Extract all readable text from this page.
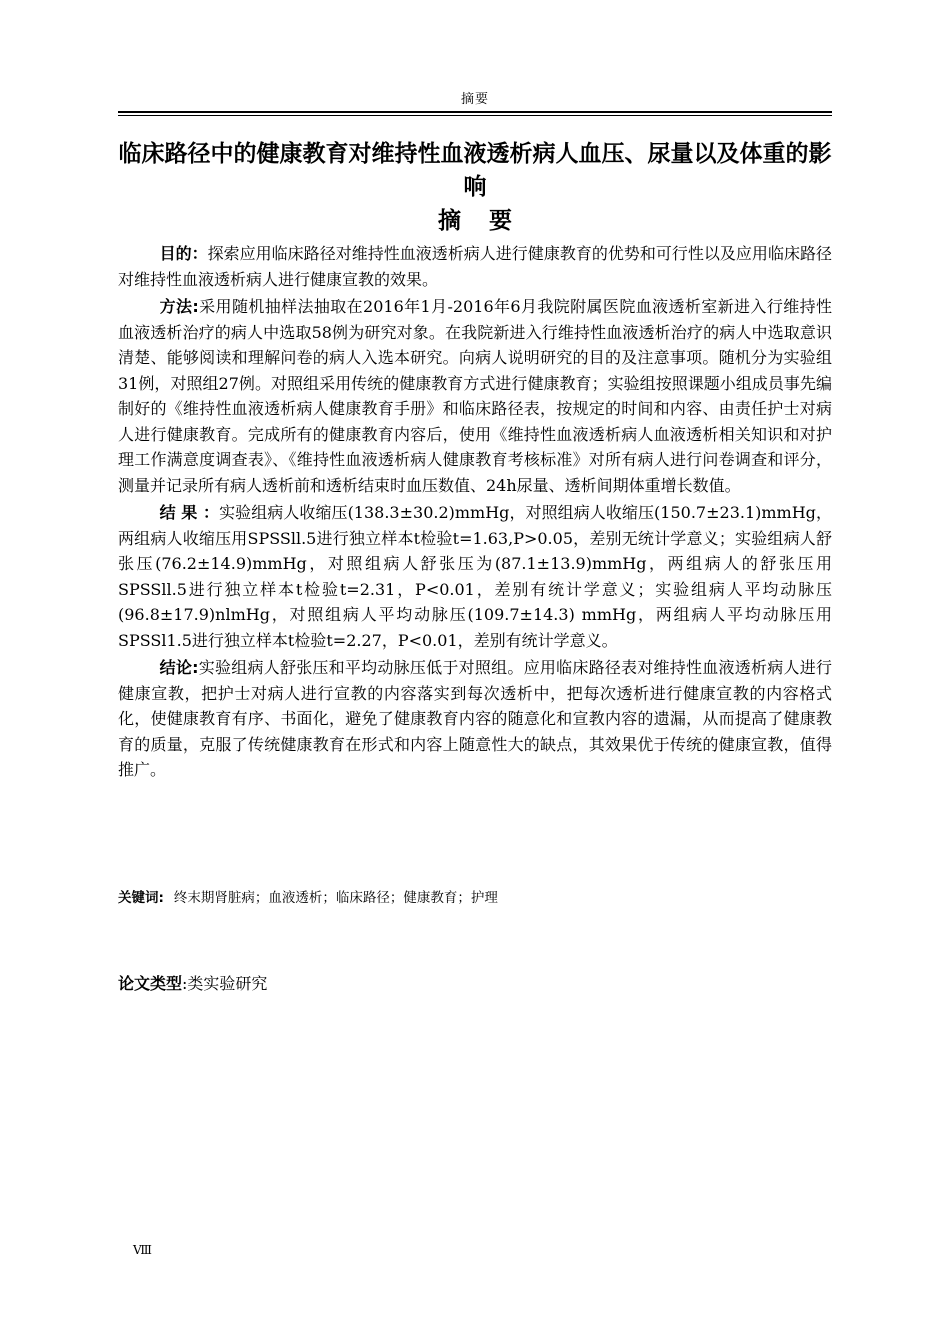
摘要
临床路径中的健康教育对维持性血液透析病人血压、尿量以及体重的影响
摘 要

目的：探索应用临床路径对维持性血液透析病人进行健康教育的优势和可行性以及应用临床路径对维持性血液透析病人进行健康宣教的效果。

方法:采用随机抽样法抽取在2016年1月-2016年6月我院附属医院血液透析室新进入行维持性血液透析治疗的病人中选取58例为研究对象。在我院新进入行维持性血液透析治疗的病人中选取意识清楚、能够阅读和理解问卷的病人入选本研究。向病人说明研究的目的及注意事项。随机分为实验组31例，对照组27例。对照组采用传统的健康教育方式进行健康教育；实验组按照课题小组成员事先编制好的《维持性血液透析病人健康教育手册》和临床路径表，按规定的时间和内容、由责任护士对病人进行健康教育。完成所有的健康教育内容后，使用《维持性血液透析病人血液透析相关知识和对护理工作满意度调查表》、《维持性血液透析病人健康教育考核标准》对所有病人进行问卷调查和评分，测量并记录所有病人透析前和透析结束时血压数值、24h尿量、透析间期体重增长数值。

结 果 ：实验组病人收缩压(138.3±30.2)mmHg，对照组病人收缩压(150.7±23.1)mmHg，两组病人收缩压用SPSSll.5进行独立样本t检验t=1.63,P>0.05，差别无统计学意义；实验组病人舒张压(76.2±14.9)mmHg，对照组病人舒张压为(87.1±13.9)mmHg，两组病人的舒张压用SPSSll.5进行独立样本t检验t=2.31，P<0.01，差别有统计学意义；实验组病人平均动脉压(96.8±17.9)nlmHg，对照组病人平均动脉压(109.7±14.3) mmHg，两组病人平均动脉压用SPSSl1.5进行独立样本t检验t=2.27，P<0.01，差别有统计学意义。

结论:实验组病人舒张压和平均动脉压低于对照组。应用临床路径表对维持性血液透析病人进行健康宣教，把护士对病人进行宣教的内容落实到每次透析中，把每次透析进行健康宣教的内容格式化，使健康教育有序、书面化，避免了健康教育内容的随意化和宣教内容的遗漏，从而提高了健康教育的质量，克服了传统健康教育在形式和内容上随意性大的缺点，其效果优于传统的健康宣教，值得推广。

关键词: 终末期肾脏病；血液透析；临床路径；健康教育；护理
论文类型:类实验研究
Ⅷ
